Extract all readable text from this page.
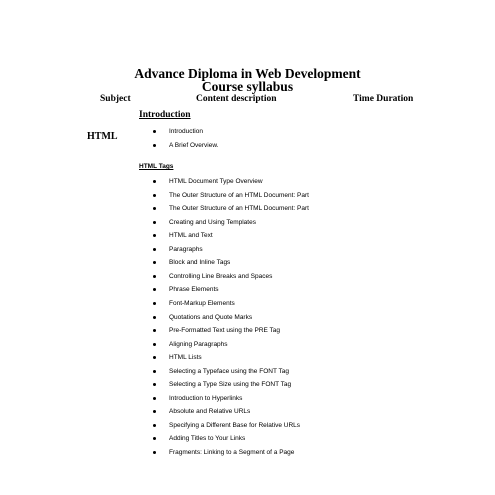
Advance Diploma in Web Development
Course syllabus
Subject	Content description	Time Duration
HTML
Introduction
HTML Tags
Introduction
A Brief Overview.
HTML Document Type Overview
The Outer Structure of an HTML Document: Part
The Outer Structure of an HTML Document: Part
Creating and Using Templates
HTML and Text
Paragraphs
Block and Inline Tags
Controlling Line Breaks and Spaces
Phrase Elements
Font-Markup Elements
Quotations and Quote Marks
Pre-Formatted Text using the PRE Tag
Aligning Paragraphs
HTML Lists
Selecting a Typeface using the FONT Tag
Selecting a Type Size using the FONT Tag
Introduction to Hyperlinks
Absolute and Relative URLs
Specifying a Different Base for Relative URLs
Adding Titles to Your Links
Fragments: Linking to a Segment of a Page
